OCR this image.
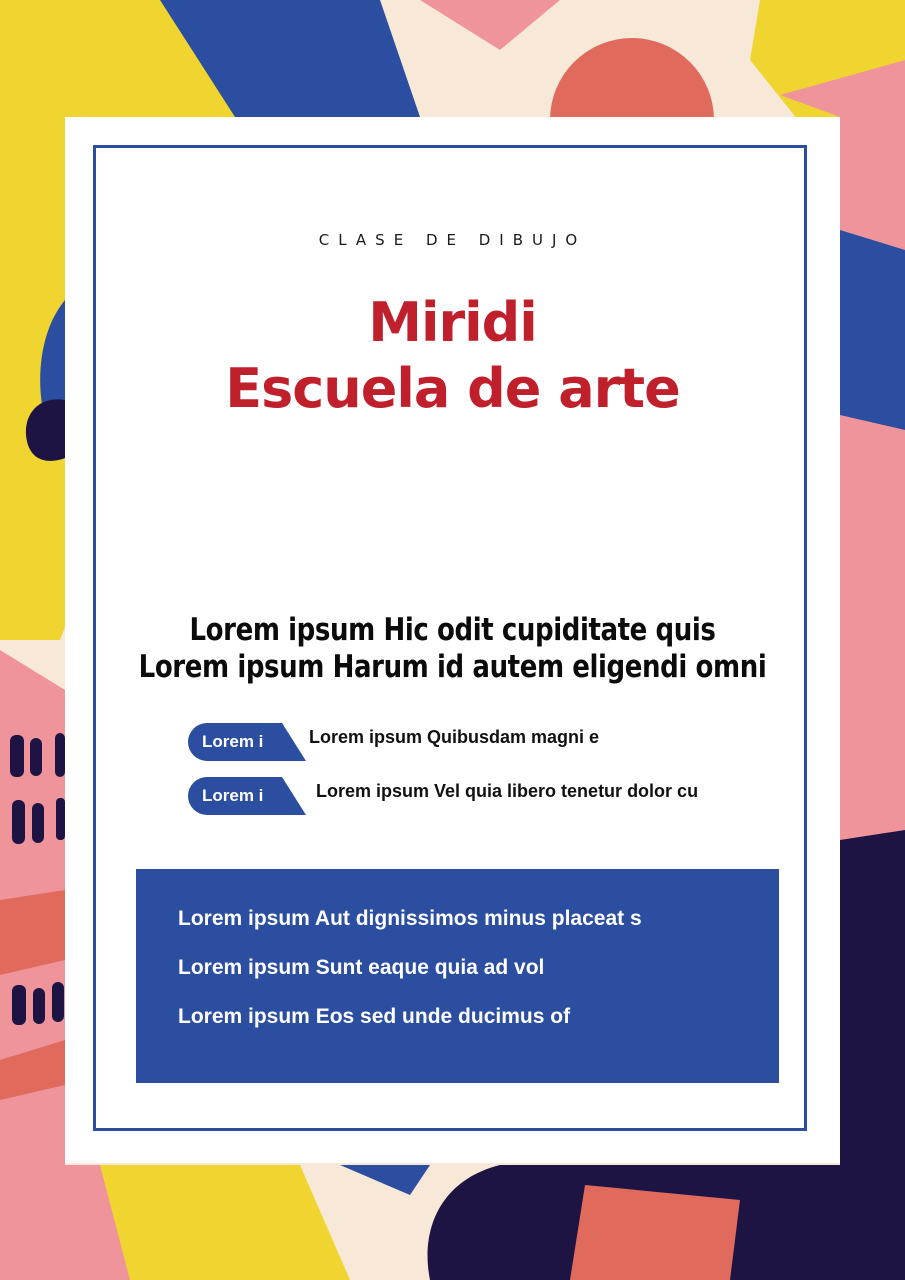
CLASE DE DIBUJO
Miridi
Escuela de arte
Lorem ipsum Hic odit cupiditate quis
Lorem ipsum Harum id autem eligendi omni
Lorem i	Lorem ipsum Quibusdam magni e
Lorem i	Lorem ipsum Vel quia libero tenetur dolor cu
Lorem ipsum Aut dignissimos minus placeat s
Lorem ipsum Sunt eaque quia ad vol
Lorem ipsum Eos sed unde ducimus of
